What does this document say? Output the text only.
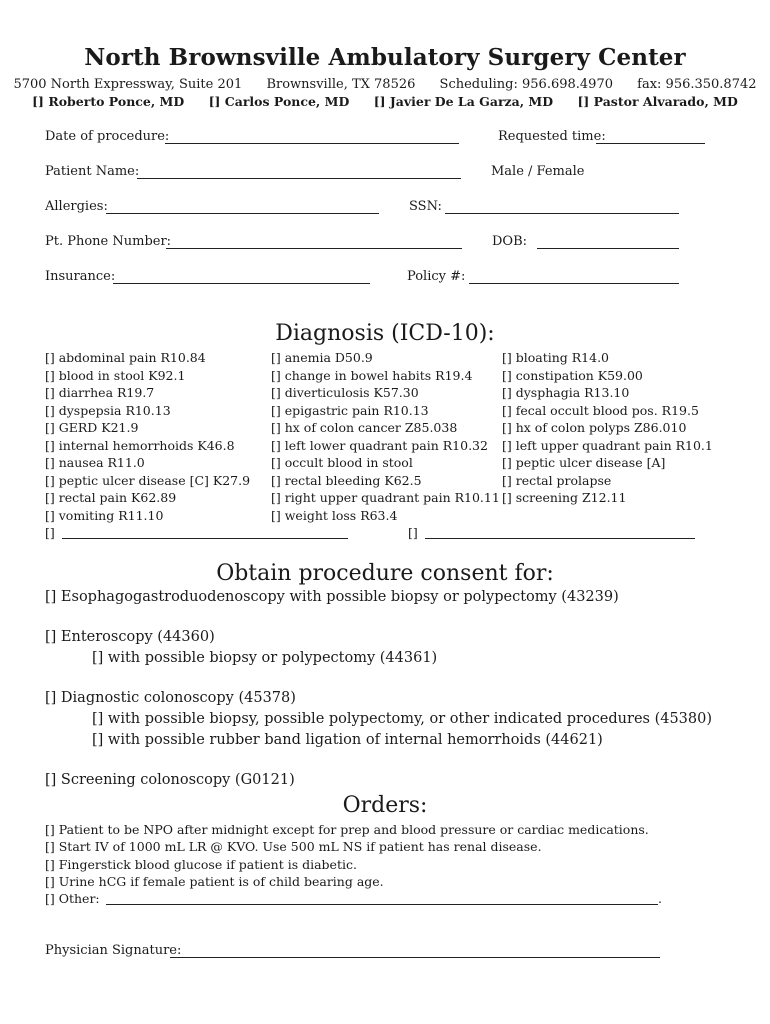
North Brownsville Ambulatory Surgery Center
5700 North Expressway, Suite 201 Brownsville, TX 78526 Scheduling: 956.698.4970 fax: 956.350.8742
[] Roberto Ponce, MD [] Carlos Ponce, MD [] Javier De La Garza, MD [] Pastor Alvarado, MD
Date of procedure:	Requested time:
Patient Name:	Male / Female
Allergies:	SSN:
Pt. Phone Number:	DOB:
Insurance:	Policy #:
Diagnosis (ICD-10):
[] abdominal pain R10.84
[] blood in stool K92.1
[] diarrhea R19.7
[] dyspepsia R10.13
[] GERD K21.9
[] internal hemorrhoids K46.8
[] nausea R11.0
[] peptic ulcer disease [C] K27.9
[] rectal pain K62.89
[] vomiting R11.10
[] anemia D50.9
[] change in bowel habits R19.4
[] diverticulosis K57.30
[] epigastric pain R10.13
[] hx of colon cancer Z85.038
[] left lower quadrant pain R10.32
[] occult blood in stool
[] rectal bleeding K62.5
[] right upper quadrant pain R10.11
[] weight loss R63.4
[] bloating R14.0
[] constipation K59.00
[] dysphagia R13.10
[] fecal occult blood pos. R19.5
[] hx of colon polyps Z86.010
[] left upper quadrant pain R10.1
[] peptic ulcer disease [A]
[] rectal prolapse
[] screening Z12.11
[]	[]
Obtain procedure consent for:
[] Esophagogastroduodenoscopy with possible biopsy or polypectomy (43239)
[] Enteroscopy (44360)
[] with possible biopsy or polypectomy (44361)
[] Diagnostic colonoscopy (45378)
[] with possible biopsy, possible polypectomy, or other indicated procedures (45380)
[] with possible rubber band ligation of internal hemorrhoids (44621)
[] Screening colonoscopy (G0121)
Orders:
[] Patient to be NPO after midnight except for prep and blood pressure or cardiac medications.
[] Start IV of 1000 mL LR @ KVO. Use 500 mL NS if patient has renal disease.
[] Fingerstick blood glucose if patient is diabetic.
[] Urine hCG if female patient is of child bearing age.
[] Other:	.
Physician Signature:
